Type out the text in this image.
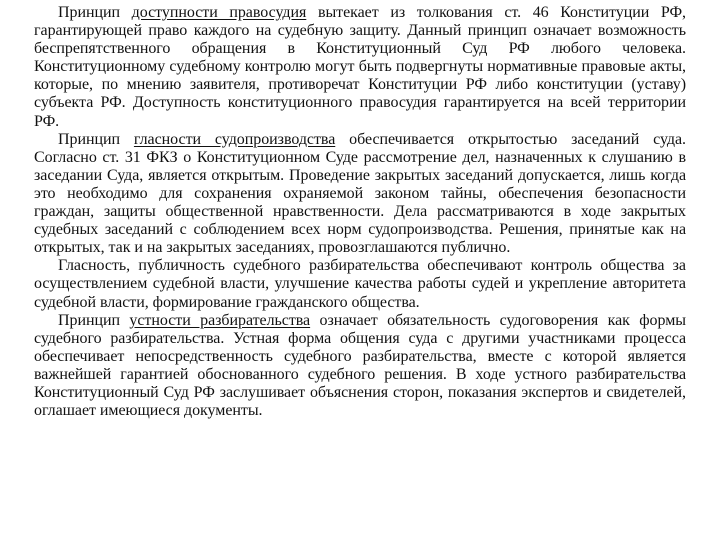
Принцип доступности правосудия вытекает из толкования ст. 46 Конституции РФ, гарантирующей право каждого на судебную защиту. Данный принцип означает возможность беспрепятственного обращения в Конституционный Суд РФ любого человека. Конституционному судебному контролю могут быть подвергнуты нормативные правовые акты, которые, по мнению заявителя, противоречат Конституции РФ либо конституции (уставу) субъекта РФ. Доступность конституционного правосудия гарантируется на всей территории РФ.

Принцип гласности судопроизводства обеспечивается открытостью заседаний суда. Согласно ст. 31 ФКЗ о Конституционном Суде рассмотрение дел, назначенных к слушанию в заседании Суда, является открытым. Проведение закрытых заседаний допускается, лишь когда это необходимо для сохранения охраняемой законом тайны, обеспечения безопасности граждан, защиты общественной нравственности. Дела рассматриваются в ходе закрытых судебных заседаний с соблюдением всех норм судопроизводства. Решения, принятые как на открытых, так и на закрытых заседаниях, провозглашаются публично.

Гласность, публичность судебного разбирательства обеспечивают контроль общества за осуществлением судебной власти, улучшение качества работы судей и укрепление авторитета судебной власти, формирование гражданского общества.

Принцип устности разбирательства означает обязательность судоговорения как формы судебного разбирательства. Устная форма общения суда с другими участниками процесса обеспечивает непосредственность судебного разбирательства, вместе с которой является важнейшей гарантией обоснованного судебного решения. В ходе устного разбирательства Конституционный Суд РФ заслушивает объяснения сторон, показания экспертов и свидетелей, оглашает имеющиеся документы.
